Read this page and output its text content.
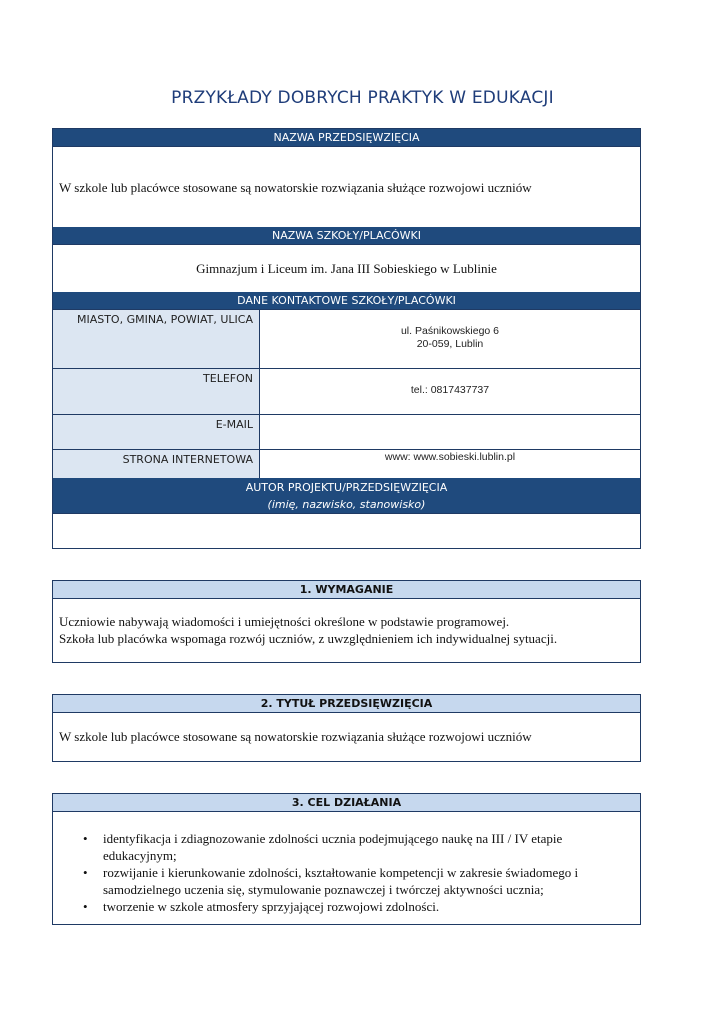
PRZYKŁADY DOBRYCH PRAKTYK W EDUKACJI
NAZWA PRZEDSIĘWZIĘCIA
W szkole lub placówce stosowane są nowatorskie rozwiązania służące rozwojowi uczniów
NAZWA SZKOŁY/PLACÓWKI
Gimnazjum i Liceum im. Jana III Sobieskiego w Lublinie
DANE KONTAKTOWE SZKOŁY/PLACÓWKI
MIASTO, GMINA, POWIAT, ULICA
ul. Paśnikowskiego 6
20-059, Lublin
TELEFON
tel.: 0817437737
E-MAIL
STRONA INTERNETOWA	www: www.sobieski.lublin.pl
AUTOR PROJEKTU/PRZEDSIĘWZIĘCIA
(imię, nazwisko, stanowisko)
1. WYMAGANIE
Uczniowie nabywają wiadomości i umiejętności określone w podstawie programowej.
Szkoła lub placówka wspomaga rozwój uczniów, z uwzględnieniem ich indywidualnej sytuacji.
2. TYTUŁ PRZEDSIĘWZIĘCIA
W szkole lub placówce stosowane są nowatorskie rozwiązania służące rozwojowi uczniów
3. CEL DZIAŁANIA
• identyfikacja i zdiagnozowanie zdolności ucznia podejmującego naukę na III / IV etapie edukacyjnym;
• rozwijanie i kierunkowanie zdolności, kształtowanie kompetencji w zakresie świadomego i samodzielnego uczenia się, stymulowanie poznawczej i twórczej aktywności ucznia;
• tworzenie w szkole atmosfery sprzyjającej rozwojowi zdolności.
